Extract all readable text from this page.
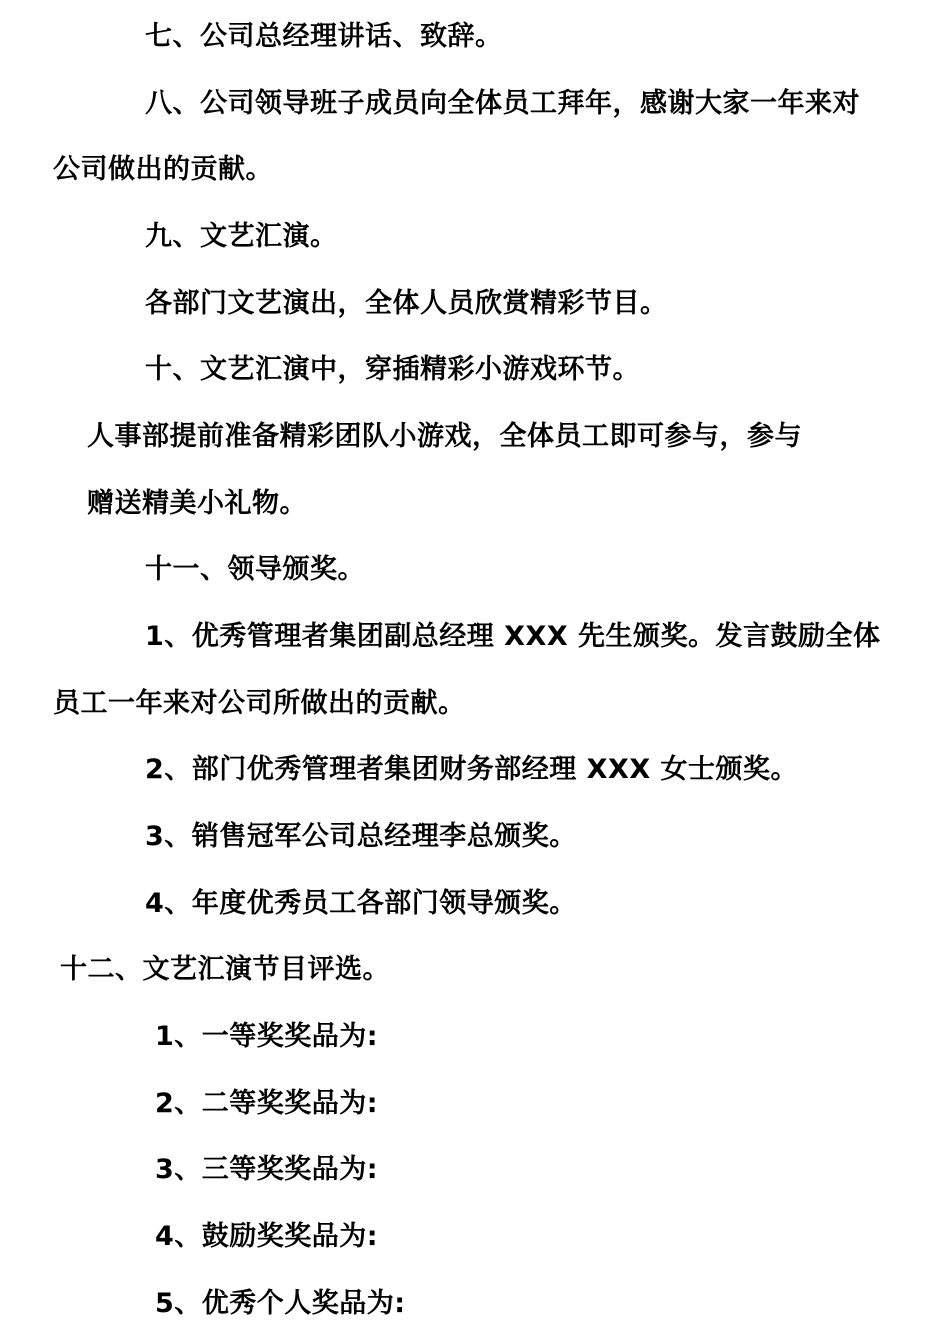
七、公司总经理讲话、致辞。
八、公司领导班子成员向全体员工拜年，感谢大家一年来对
公司做出的贡献。
九、文艺汇演。
各部门文艺演出，全体人员欣赏精彩节目。
十、文艺汇演中，穿插精彩小游戏环节。
人事部提前准备精彩团队小游戏，全体员工即可参与，参与
赠送精美小礼物。
十一、领导颁奖。
1、优秀管理者集团副总经理 XXX 先生颁奖。发言鼓励全体
员工一年来对公司所做出的贡献。
2、部门优秀管理者集团财务部经理 XXX 女士颁奖。
3、销售冠军公司总经理李总颁奖。
4、年度优秀员工各部门领导颁奖。
十二、文艺汇演节目评选。
1、一等奖奖品为:
2、二等奖奖品为:
3、三等奖奖品为:
4、鼓励奖奖品为:
5、优秀个人奖品为:
